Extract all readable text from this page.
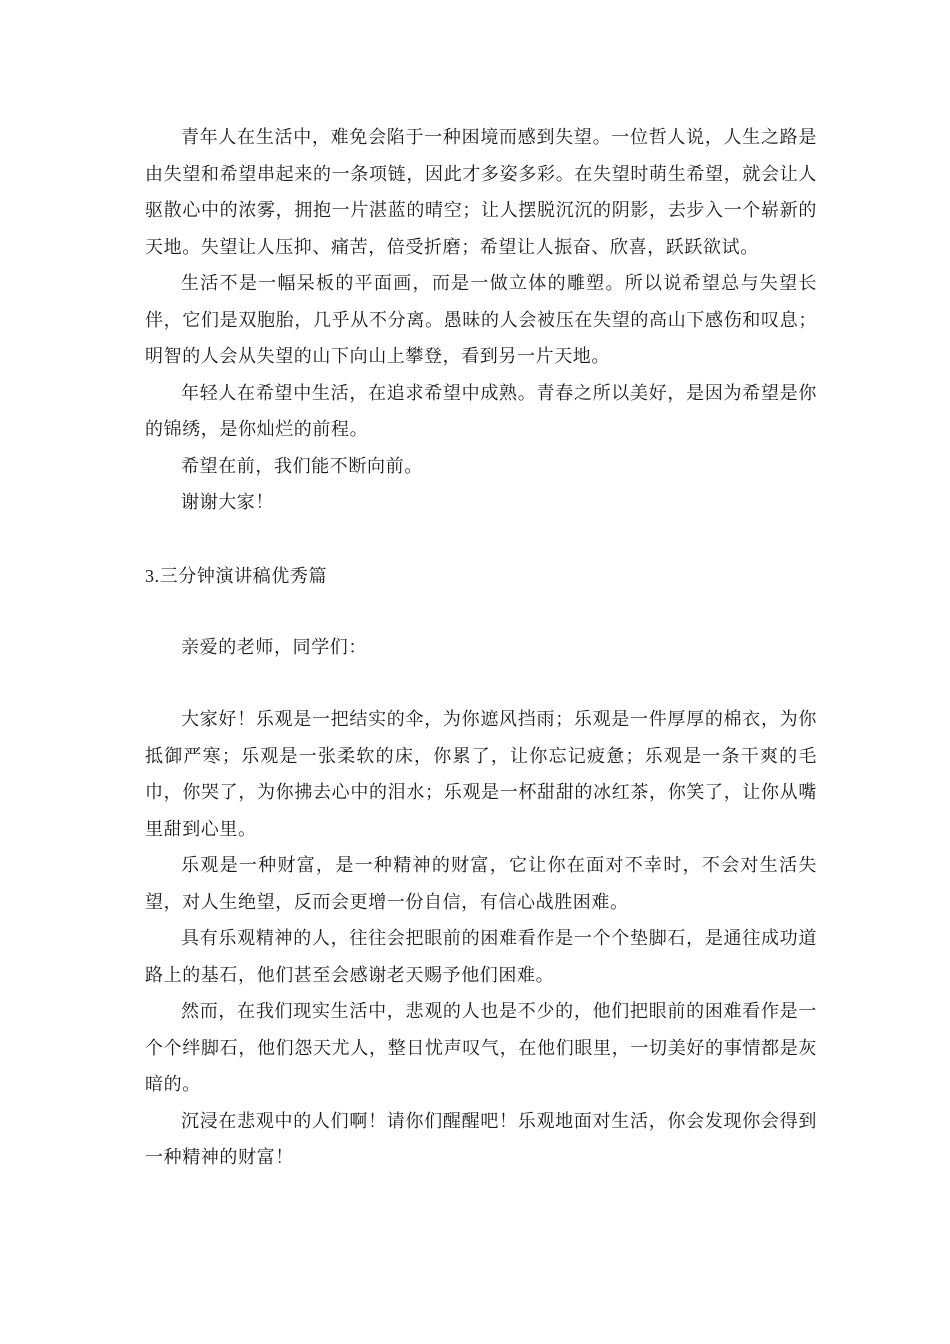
青年人在生活中，难免会陷于一种困境而感到失望。一位哲人说，人生之路是由失望和希望串起来的一条项链，因此才多姿多彩。在失望时萌生希望，就会让人驱散心中的浓雾，拥抱一片湛蓝的晴空；让人摆脱沉沉的阴影，去步入一个崭新的天地。失望让人压抑、痛苦，倍受折磨；希望让人振奋、欣喜，跃跃欲试。

生活不是一幅呆板的平面画，而是一做立体的雕塑。所以说希望总与失望长伴，它们是双胞胎，几乎从不分离。愚昧的人会被压在失望的高山下感伤和叹息；明智的人会从失望的山下向山上攀登，看到另一片天地。

年轻人在希望中生活，在追求希望中成熟。青春之所以美好，是因为希望是你的锦绣，是你灿烂的前程。

希望在前，我们能不断向前。

谢谢大家！

3.三分钟演讲稿优秀篇

亲爱的老师，同学们：

大家好！乐观是一把结实的伞，为你遮风挡雨；乐观是一件厚厚的棉衣，为你抵御严寒；乐观是一张柔软的床，你累了，让你忘记疲惫；乐观是一条干爽的毛巾，你哭了，为你拂去心中的泪水；乐观是一杯甜甜的冰红茶，你笑了，让你从嘴里甜到心里。

乐观是一种财富，是一种精神的财富，它让你在面对不幸时，不会对生活失望，对人生绝望，反而会更增一份自信，有信心战胜困难。

具有乐观精神的人，往往会把眼前的困难看作是一个个垫脚石，是通往成功道路上的基石，他们甚至会感谢老天赐予他们困难。

然而，在我们现实生活中，悲观的人也是不少的，他们把眼前的困难看作是一个个绊脚石，他们怨天尤人，整日忧声叹气，在他们眼里，一切美好的事情都是灰暗的。

沉浸在悲观中的人们啊！请你们醒醒吧！乐观地面对生活，你会发现你会得到一种精神的财富！
